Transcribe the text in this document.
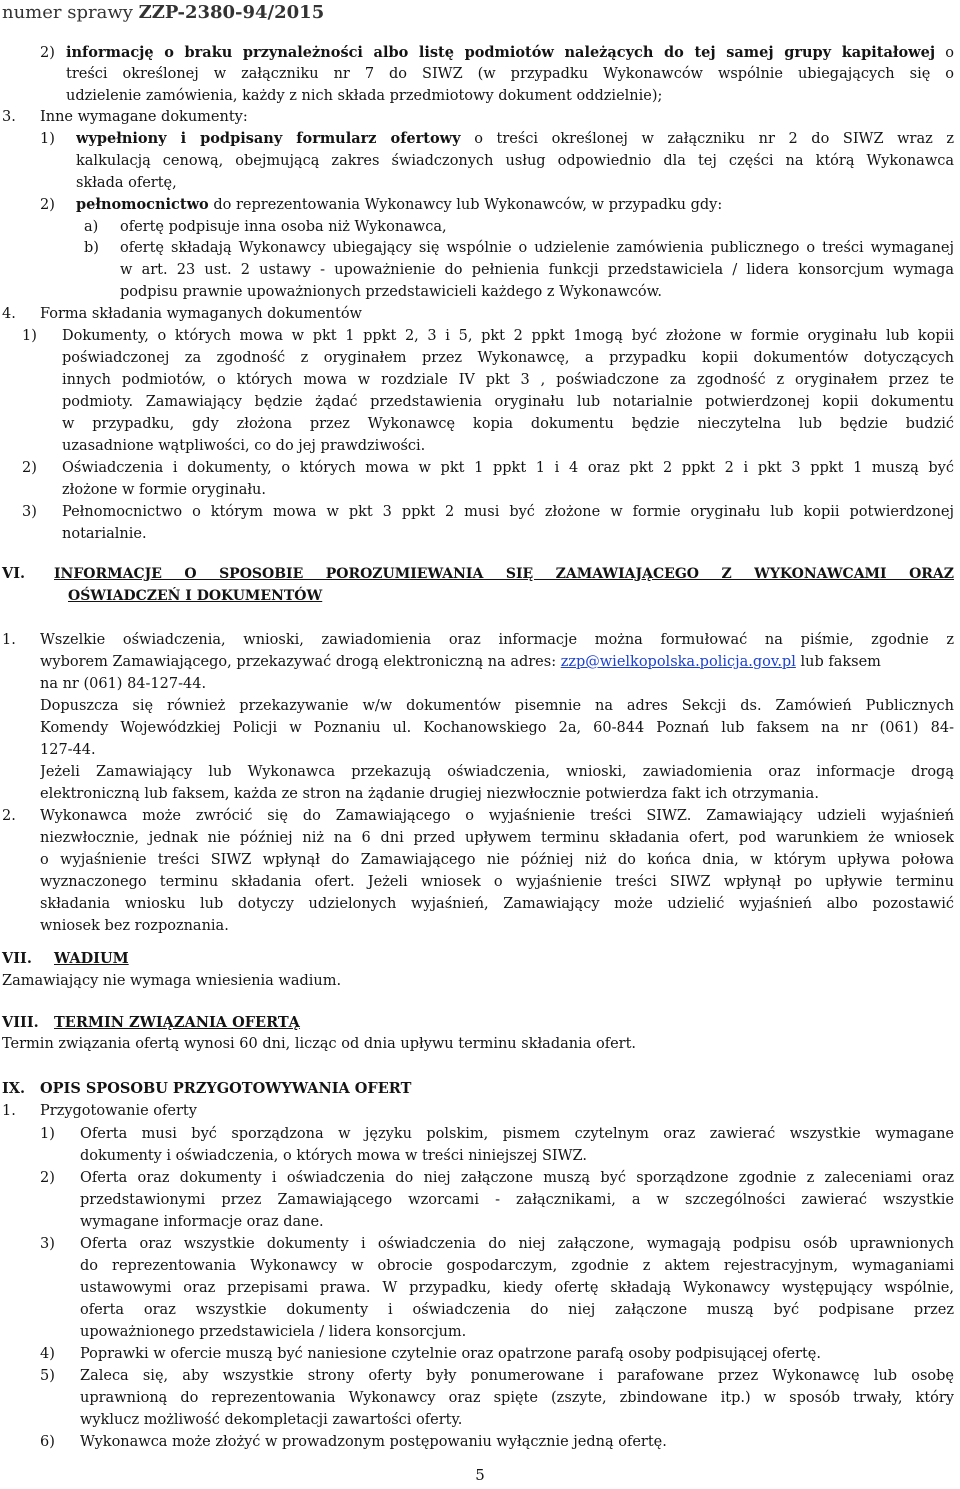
numer sprawy ZZP-2380-94/2015
2) informację o braku przynależności albo listę podmiotów należących do tej samej grupy kapitałowej o
treści określonej w załączniku nr 7 do SIWZ (w przypadku Wykonawców wspólnie ubiegających się o
udzielenie zamówienia, każdy z nich składa przedmiotowy dokument oddzielnie);
3. Inne wymagane dokumenty:
1) wypełniony i podpisany formularz ofertowy o treści określonej w załączniku nr 2 do SIWZ wraz z
kalkulacją cenową, obejmującą zakres świadczonych usług odpowiednio dla tej części na którą Wykonawca
składa ofertę,
2) pełnomocnictwo do reprezentowania Wykonawcy lub Wykonawców, w przypadku gdy:
a) ofertę podpisuje inna osoba niż Wykonawca,
b) ofertę składają Wykonawcy ubiegający się wspólnie o udzielenie zamówienia publicznego o treści wymaganej
w art. 23 ust. 2 ustawy - upoważnienie do pełnienia funkcji przedstawiciela / lidera konsorcjum wymaga
podpisu prawnie upoważnionych przedstawicieli każdego z Wykonawców.
4. Forma składania wymaganych dokumentów
1) Dokumenty, o których mowa w pkt 1 ppkt 2, 3 i 5, pkt 2 ppkt 1mogą być złożone w formie oryginału lub kopii
poświadczonej za zgodność z oryginałem przez Wykonawcę, a przypadku kopii dokumentów dotyczących
innych podmiotów, o których mowa w rozdziale IV pkt 3 , poświadczone za zgodność z oryginałem przez te
podmioty. Zamawiający będzie żądać przedstawienia oryginału lub notarialnie potwierdzonej kopii dokumentu
w przypadku, gdy złożona przez Wykonawcę kopia dokumentu będzie nieczytelna lub będzie budzić
uzasadnione wątpliwości, co do jej prawdziwości.
2) Oświadczenia i dokumenty, o których mowa w pkt 1 ppkt 1 i 4 oraz pkt 2 ppkt 2 i pkt 3 ppkt 1 muszą być
złożone w formie oryginału.
3) Pełnomocnictwo o którym mowa w pkt 3 ppkt 2 musi być złożone w formie oryginału lub kopii potwierdzonej
notarialnie.
VI. INFORMACJE O SPOSOBIE POROZUMIEWANIA SIĘ ZAMAWIAJĄCEGO Z WYKONAWCAMI ORAZ
OŚWIADCZEŃ I DOKUMENTÓW
1. Wszelkie oświadczenia, wnioski, zawiadomienia oraz informacje można formułować na piśmie, zgodnie z
wyborem Zamawiającego, przekazywać drogą elektroniczną na adres: zzp@wielkopolska.policja.gov.pl lub faksem
na nr (061) 84-127-44.
Dopuszcza się również przekazywanie w/w dokumentów pisemnie na adres Sekcji ds. Zamówień Publicznych
Komendy Wojewódzkiej Policji w Poznaniu ul. Kochanowskiego 2a, 60-844 Poznań lub faksem na nr (061) 84-
127-44.
Jeżeli Zamawiający lub Wykonawca przekazują oświadczenia, wnioski, zawiadomienia oraz informacje drogą
elektroniczną lub faksem, każda ze stron na żądanie drugiej niezwłocznie potwierdza fakt ich otrzymania.
2. Wykonawca może zwrócić się do Zamawiającego o wyjaśnienie treści SIWZ. Zamawiający udzieli wyjaśnień
niezwłocznie, jednak nie później niż na 6 dni przed upływem terminu składania ofert, pod warunkiem że wniosek
o wyjaśnienie treści SIWZ wpłynął do Zamawiającego nie później niż do końca dnia, w którym upływa połowa
wyznaczonego terminu składania ofert. Jeżeli wniosek o wyjaśnienie treści SIWZ wpłynął po upływie terminu
składania wniosku lub dotyczy udzielonych wyjaśnień, Zamawiający może udzielić wyjaśnień albo pozostawić
wniosek bez rozpoznania.
VII. WADIUM
Zamawiający nie wymaga wniesienia wadium.
VIII. TERMIN ZWIĄZANIA OFERTĄ
Termin związania ofertą wynosi 60 dni, licząc od dnia upływu terminu składania ofert.
IX. OPIS SPOSOBU PRZYGOTOWYWANIA OFERT
1. Przygotowanie oferty
1) Oferta musi być sporządzona w języku polskim, pismem czytelnym oraz zawierać wszystkie wymagane
dokumenty i oświadczenia, o których mowa w treści niniejszej SIWZ.
2) Oferta oraz dokumenty i oświadczenia do niej załączone muszą być sporządzone zgodnie z zaleceniami oraz
przedstawionymi przez Zamawiającego wzorcami - załącznikami, a w szczególności zawierać wszystkie
wymagane informacje oraz dane.
3) Oferta oraz wszystkie dokumenty i oświadczenia do niej załączone, wymagają podpisu osób uprawnionych
do reprezentowania Wykonawcy w obrocie gospodarczym, zgodnie z aktem rejestracyjnym, wymaganiami
ustawowymi oraz przepisami prawa. W przypadku, kiedy ofertę składają Wykonawcy występujący wspólnie,
oferta oraz wszystkie dokumenty i oświadczenia do niej załączone muszą być podpisane przez
upoważnionego przedstawiciela / lidera konsorcjum.
4) Poprawki w ofercie muszą być naniesione czytelnie oraz opatrzone parafą osoby podpisującej ofertę.
5) Zaleca się, aby wszystkie strony oferty były ponumerowane i parafowane przez Wykonawcę lub osobę
uprawnioną do reprezentowania Wykonawcy oraz spięte (zszyte, zbindowane itp.) w sposób trwały, który
wyklucz możliwość dekompletacji zawartości oferty.
6) Wykonawca może złożyć w prowadzonym postępowaniu wyłącznie jedną ofertę.
5
